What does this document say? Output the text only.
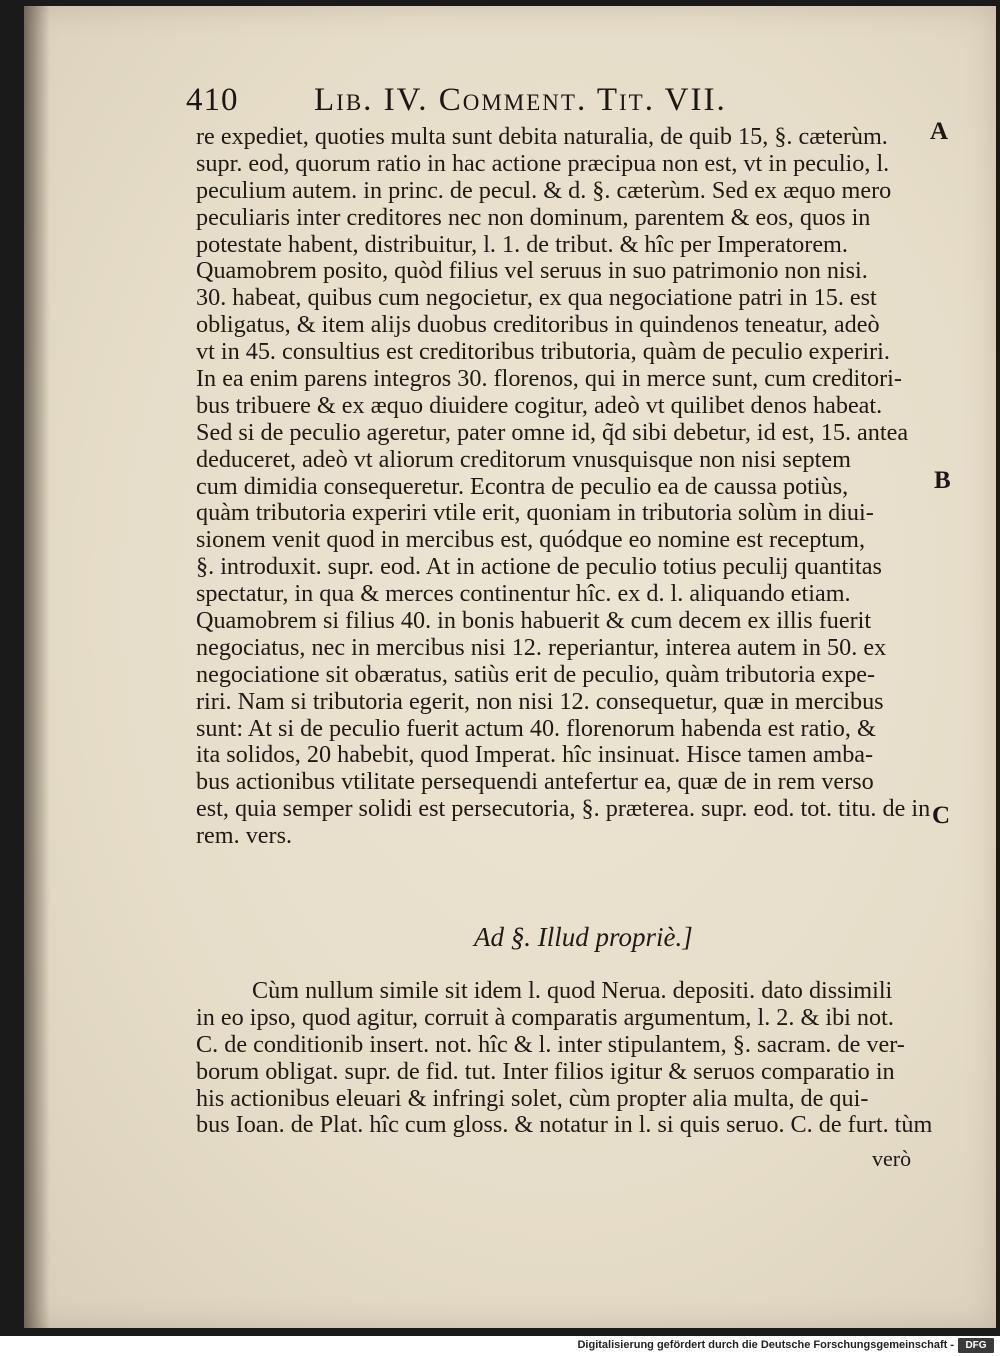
410 Lib. IV. Comment. Tit. VII.
re expediet, quoties multa sunt debita naturalia, de quib 15, §. cæterùm.
supr. eod, quorum ratio in hac actione præcipua non est, vt in peculio, l.
peculium autem. in princ. de pecul. & d. §. cæterùm. Sed ex æquo mero
peculiaris inter creditores nec non dominum, parentem & eos, quos in
potestate habent, distribuitur, l. 1. de tribut. & hîc per Imperatorem.
Quamobrem posito, quòd filius vel seruus in suo patrimonio non nisi.
30. habeat, quibus cum negocietur, ex qua negociatione patri in 15. est
obligatus, & item alijs duobus creditoribus in quindenos teneatur, adeò
vt in 45. consultius est creditoribus tributoria, quàm de peculio experiri.
In ea enim parens integros 30. florenos, qui in merce sunt, cum creditori-
bus tribuere & ex æquo diuidere cogitur, adeò vt quilibet denos habeat.
Sed si de peculio ageretur, pater omne id, q̃d sibi debetur, id est, 15. antea
deduceret, adeò vt aliorum creditorum vnusquisque non nisi septem
cum dimidia consequeretur. Econtra de peculio ea de caussa potiùs,
quàm tributoria experiri vtile erit, quoniam in tributoria solùm in diui-
sionem venit quod in mercibus est, quódque eo nomine est receptum,
§. introduxit. supr. eod. At in actione de peculio totius peculij quantitas
spectatur, in qua & merces continentur hîc. ex d. l. aliquando etiam.
Quamobrem si filius 40. in bonis habuerit & cum decem ex illis fuerit
negociatus, nec in mercibus nisi 12. reperiantur, interea autem in 50. ex
negociatione sit obæratus, satiùs erit de peculio, quàm tributoria expe-
riri. Nam si tributoria egerit, non nisi 12. consequetur, quæ in mercibus
sunt: At si de peculio fuerit actum 40. florenorum habenda est ratio, &
ita solidos, 20 habebit, quod Imperat. hîc insinuat. Hisce tamen amba-
bus actionibus vtilitate persequendi antefertur ea, quæ de in rem verso
est, quia semper solidi est persecutoria, §. præterea. supr. eod. tot. titu. de in
rem. vers.
A
B
C
Ad §. Illud propriè.]
Cùm nullum simile sit idem l. quod Nerua. depositi. dato dissimili
in eo ipso, quod agitur, corruit à comparatis argumentum, l. 2. & ibi not.
C. de conditionib insert. not. hîc & l. inter stipulantem, §. sacram. de ver-
borum obligat. supr. de fid. tut. Inter filios igitur & seruos comparatio in
his actionibus eleuari & infringi solet, cùm propter alia multa, de qui-
bus Ioan. de Plat. hîc cum gloss. & notatur in l. si quis seruo. C. de furt. tùm
verò
Digitalisierung gefördert durch die Deutsche Forschungsgemeinschaft -	DFG
